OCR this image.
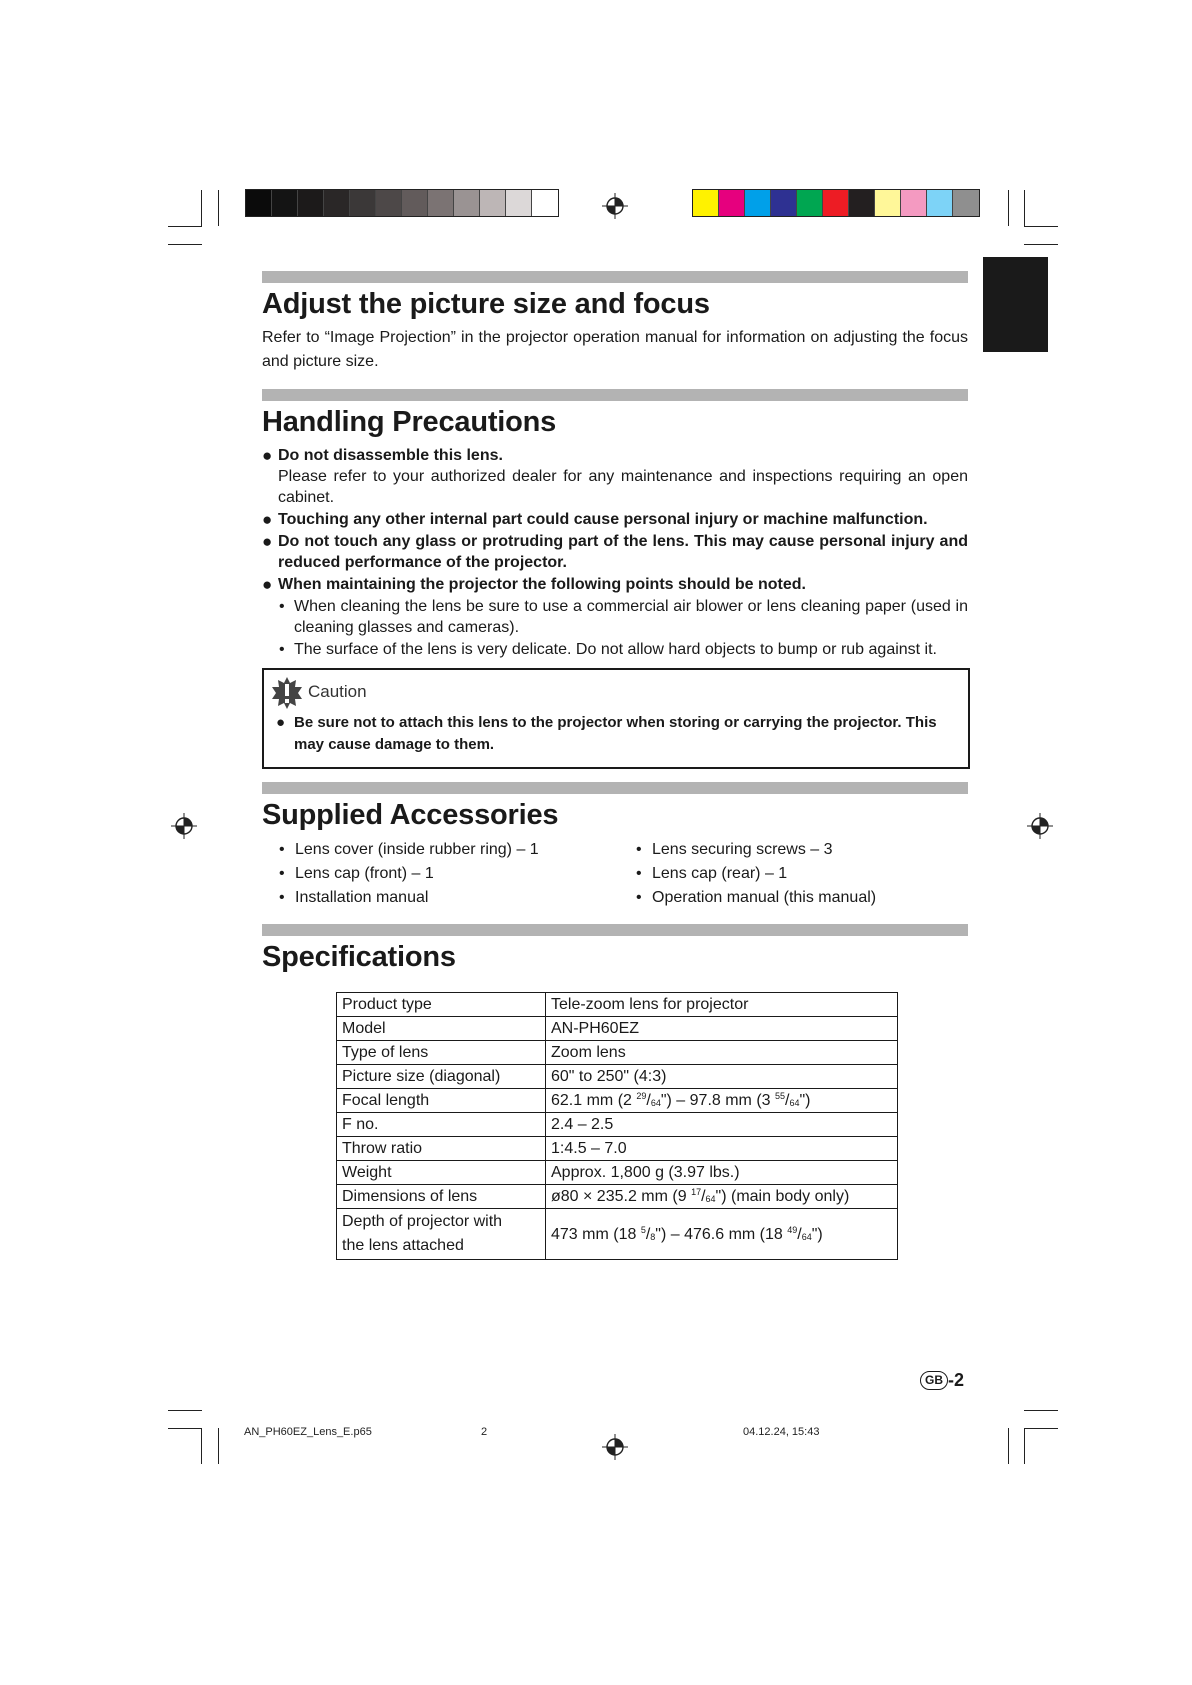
Adjust the picture size and focus

Refer to “Image Projection” in the projector operation manual for information on adjusting the focus and picture size.

Handling Precautions
● Do not disassemble this lens.
Please refer to your authorized dealer for any maintenance and inspections requiring an open cabinet.
● Touching any other internal part could cause personal injury or machine malfunction.
● Do not touch any glass or protruding part of the lens. This may cause personal injury and reduced performance of the projector.
● When maintaining the projector the following points should be noted.
• When cleaning the lens be sure to use a commercial air blower or lens cleaning paper (used in cleaning glasses and cameras).
• The surface of the lens is very delicate. Do not allow hard objects to bump or rub against it.
Caution
● Be sure not to attach this lens to the projector when storing or carrying the projector. This may cause damage to them.
Supplied Accessories
• Lens cover (inside rubber ring) – 1
• Lens cap (front) – 1
• Installation manual
• Lens securing screws – 3
• Lens cap (rear) – 1
• Operation manual (this manual)
Specifications
Product type	Tele-zoom lens for projector
Model	AN-PH60EZ
Type of lens	Zoom lens
Picture size (diagonal)	60" to 250" (4:3)
Focal length	62.1 mm (2 $^{29}/_{64}") - 97.8$ mm (3 $^{55}/_{64}$")
F no.	2.4 – 2.5
Throw ratio	1:4.5 – 7.0
Weight	Approx. 1,800 g (3.97 lbs.)
Dimensions of lens	ø80 × 235.2 mm (9 $^{17}/_{64}$") (main body only)
Depth of projector with
the lens attached	473 mm (18 $^5/_8") - 476.6$ mm (18 $^{49}/_{64}$")
GB -2
AN_PH60EZ_Lens_E.p65	2	04.12.24, 15:43
